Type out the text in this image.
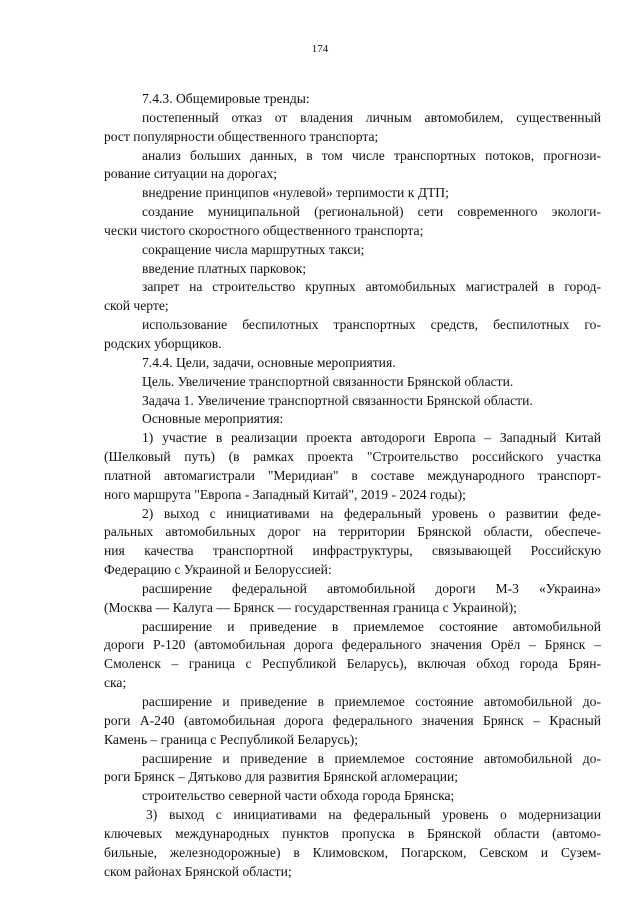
174
7.4.3. Общемировые тренды:
постепенный отказ от владения личным автомобилем, существенный
рост популярности общественного транспорта;
анализ больших данных, в том числе транспортных потоков, прогнози-
рование ситуации на дорогах;
внедрение принципов «нулевой» терпимости к ДТП;
создание муниципальной (региональной) сети современного экологи-
чески чистого скоростного общественного транспорта;
сокращение числа маршрутных такси;
введение платных парковок;
запрет на строительство крупных автомобильных магистралей в город-
ской черте;
использование беспилотных транспортных средств, беспилотных го-
родских уборщиков.
7.4.4. Цели, задачи, основные мероприятия.
Цель. Увеличение транспортной связанности Брянской области.
Задача 1. Увеличение транспортной связанности Брянской области.
Основные мероприятия:
1) участие в реализации проекта автодороги Европа – Западный Китай
(Шелковый путь) (в рамках проекта "Строительство российского участка
платной автомагистрали "Меридиан" в составе международного транспорт-
ного маршрута "Европа - Западный Китай", 2019 - 2024 годы);
2) выход с инициативами на федеральный уровень о развитии феде-
ральных автомобильных дорог на территории Брянской области, обеспече-
ния качества транспортной инфраструктуры, связывающей Российскую
Федерацию с Украиной и Белоруссией:
расширение федеральной автомобильной дороги М-3 «Украина»
(Москва — Калуга — Брянск — государственная граница с Украиной);
расширение и приведение в приемлемое состояние автомобильной
дороги Р-120 (автомобильная дорога федерального значения Орёл – Брянск –
Смоленск – граница с Республикой Беларусь), включая обход города Брян-
ска;
расширение и приведение в приемлемое состояние автомобильной до-
роги А-240 (автомобильная дорога федерального значения Брянск – Красный
Камень – граница с Республикой Беларусь);
расширение и приведение в приемлемое состояние автомобильной до-
роги Брянск – Дятьково для развития Брянской агломерации;
строительство северной части обхода города Брянска;
3) выход с инициативами на федеральный уровень о модернизации
ключевых международных пунктов пропуска в Брянской области (автомо-
бильные, железнодорожные) в Климовском, Погарском, Севском и Сузем-
ском районах Брянской области;
